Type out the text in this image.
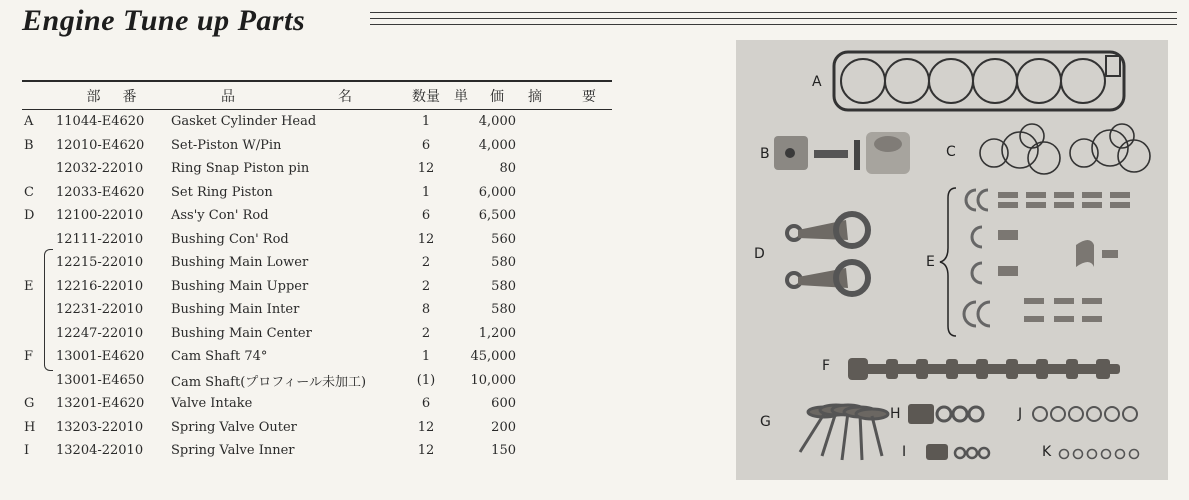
Engine Tune up Parts
	部　番	品 名	数量	単　価	摘　　要
A	11044-E4620	Gasket Cylinder Head	1	4,000	
B	12010-E4620	Set-Piston W/Pin	6	4,000	
	12032-22010	Ring Snap Piston pin	12	80	
C	12033-E4620	Set Ring Piston	1	6,000	
D	12100-22010	Ass'y Con' Rod	6	6,500	
	12111-22010	Bushing Con' Rod	12	560	
	12215-22010	Bushing Main Lower	2	580	
E	12216-22010	Bushing Main Upper	2	580	
	12231-22010	Bushing Main Inter	8	580	
	12247-22010	Bushing Main Center	2	1,200	
F	13001-E4620	Cam Shaft 74°	1	45,000	
	13001-E4650	Cam Shaft(プロフィール未加工)	(1)	10,000	
G	13201-E4620	Valve Intake	6	600	
H	13203-22010	Spring Valve Outer	12	200	
I	13204-22010	Spring Valve Inner	12	150	
A
B	C
D	E
F
G	H
I
J
K
